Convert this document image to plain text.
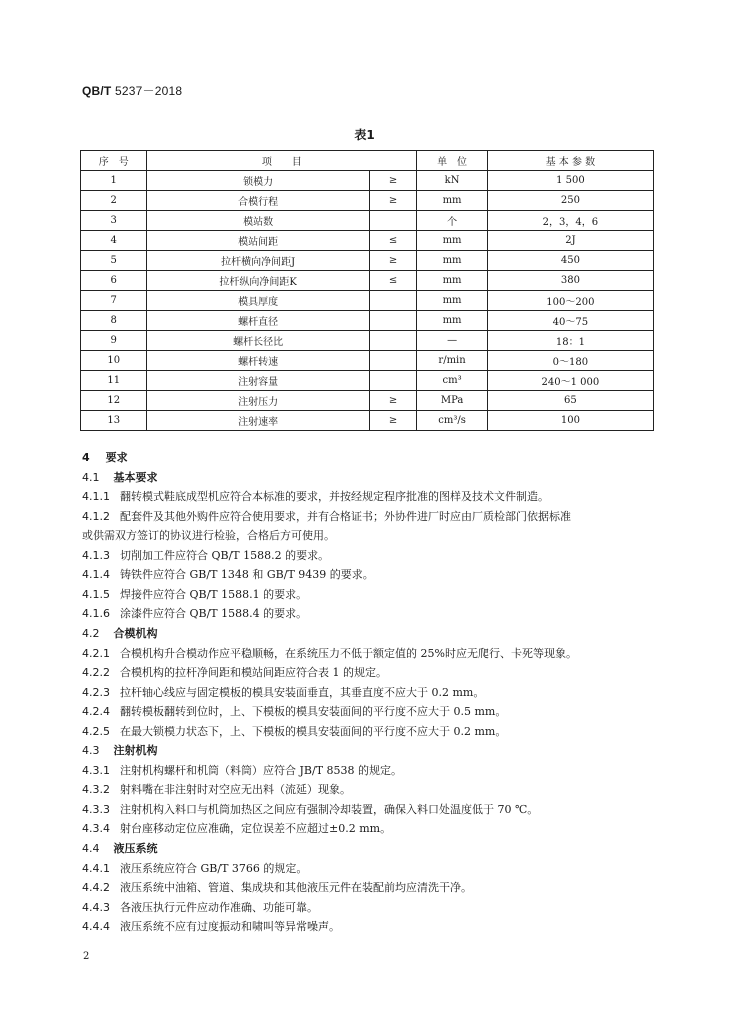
QB/T 5237－2018
表1
序　号	项　　目		单　位	基 本 参 数
1	锁模力	≥	kN	1 500
2	合模行程	≥	mm	250
3	模站数		个	2，3，4，6
4	模站间距	≤	mm	2J
5	拉杆横向净间距J	≥	mm	450
6	拉杆纵向净间距K	≤	mm	380
7	模具厚度		mm	100～200
8	螺杆直径		mm	40～75
9	螺杆长径比		—	18：1
10	螺杆转速		r/min	0～180
11	注射容量		cm³	240～1 000
12	注射压力	≥	MPa	65
13	注射速率	≥	cm³/s	100
4 要求
4.1 基本要求
4.1.1 翻转模式鞋底成型机应符合本标准的要求，并按经规定程序批准的图样及技术文件制造。
4.1.2 配套件及其他外购件应符合使用要求，并有合格证书；外协件进厂时应由厂质检部门依据标准
或供需双方签订的协议进行检验，合格后方可使用。
4.1.3 切削加工件应符合 QB/T 1588.2 的要求。
4.1.4 铸铁件应符合 GB/T 1348 和 GB/T 9439 的要求。
4.1.5 焊接件应符合 QB/T 1588.1 的要求。
4.1.6 涂漆件应符合 QB/T 1588.4 的要求。
4.2 合模机构
4.2.1 合模机构升合模动作应平稳顺畅，在系统压力不低于额定值的 25%时应无爬行、卡死等现象。
4.2.2 合模机构的拉杆净间距和模站间距应符合表 1 的规定。
4.2.3 拉杆轴心线应与固定模板的模具安装面垂直，其垂直度不应大于 0.2 mm。
4.2.4 翻转模板翻转到位时，上、下模板的模具安装面间的平行度不应大于 0.5 mm。
4.2.5 在最大锁模力状态下，上、下模板的模具安装面间的平行度不应大于 0.2 mm。
4.3 注射机构
4.3.1 注射机构螺杆和机筒（料筒）应符合 JB/T 8538 的规定。
4.3.2 射料嘴在非注射时对空应无出料（流延）现象。
4.3.3 注射机构入料口与机筒加热区之间应有强制冷却装置，确保入料口处温度低于 70 ℃。
4.3.4 射台座移动定位应准确，定位误差不应超过±0.2 mm。
4.4 液压系统
4.4.1 液压系统应符合 GB/T 3766 的规定。
4.4.2 液压系统中油箱、管道、集成块和其他液压元件在装配前均应清洗干净。
4.4.3 各液压执行元件应动作准确、功能可靠。
4.4.4 液压系统不应有过度振动和啸叫等异常噪声。
2
